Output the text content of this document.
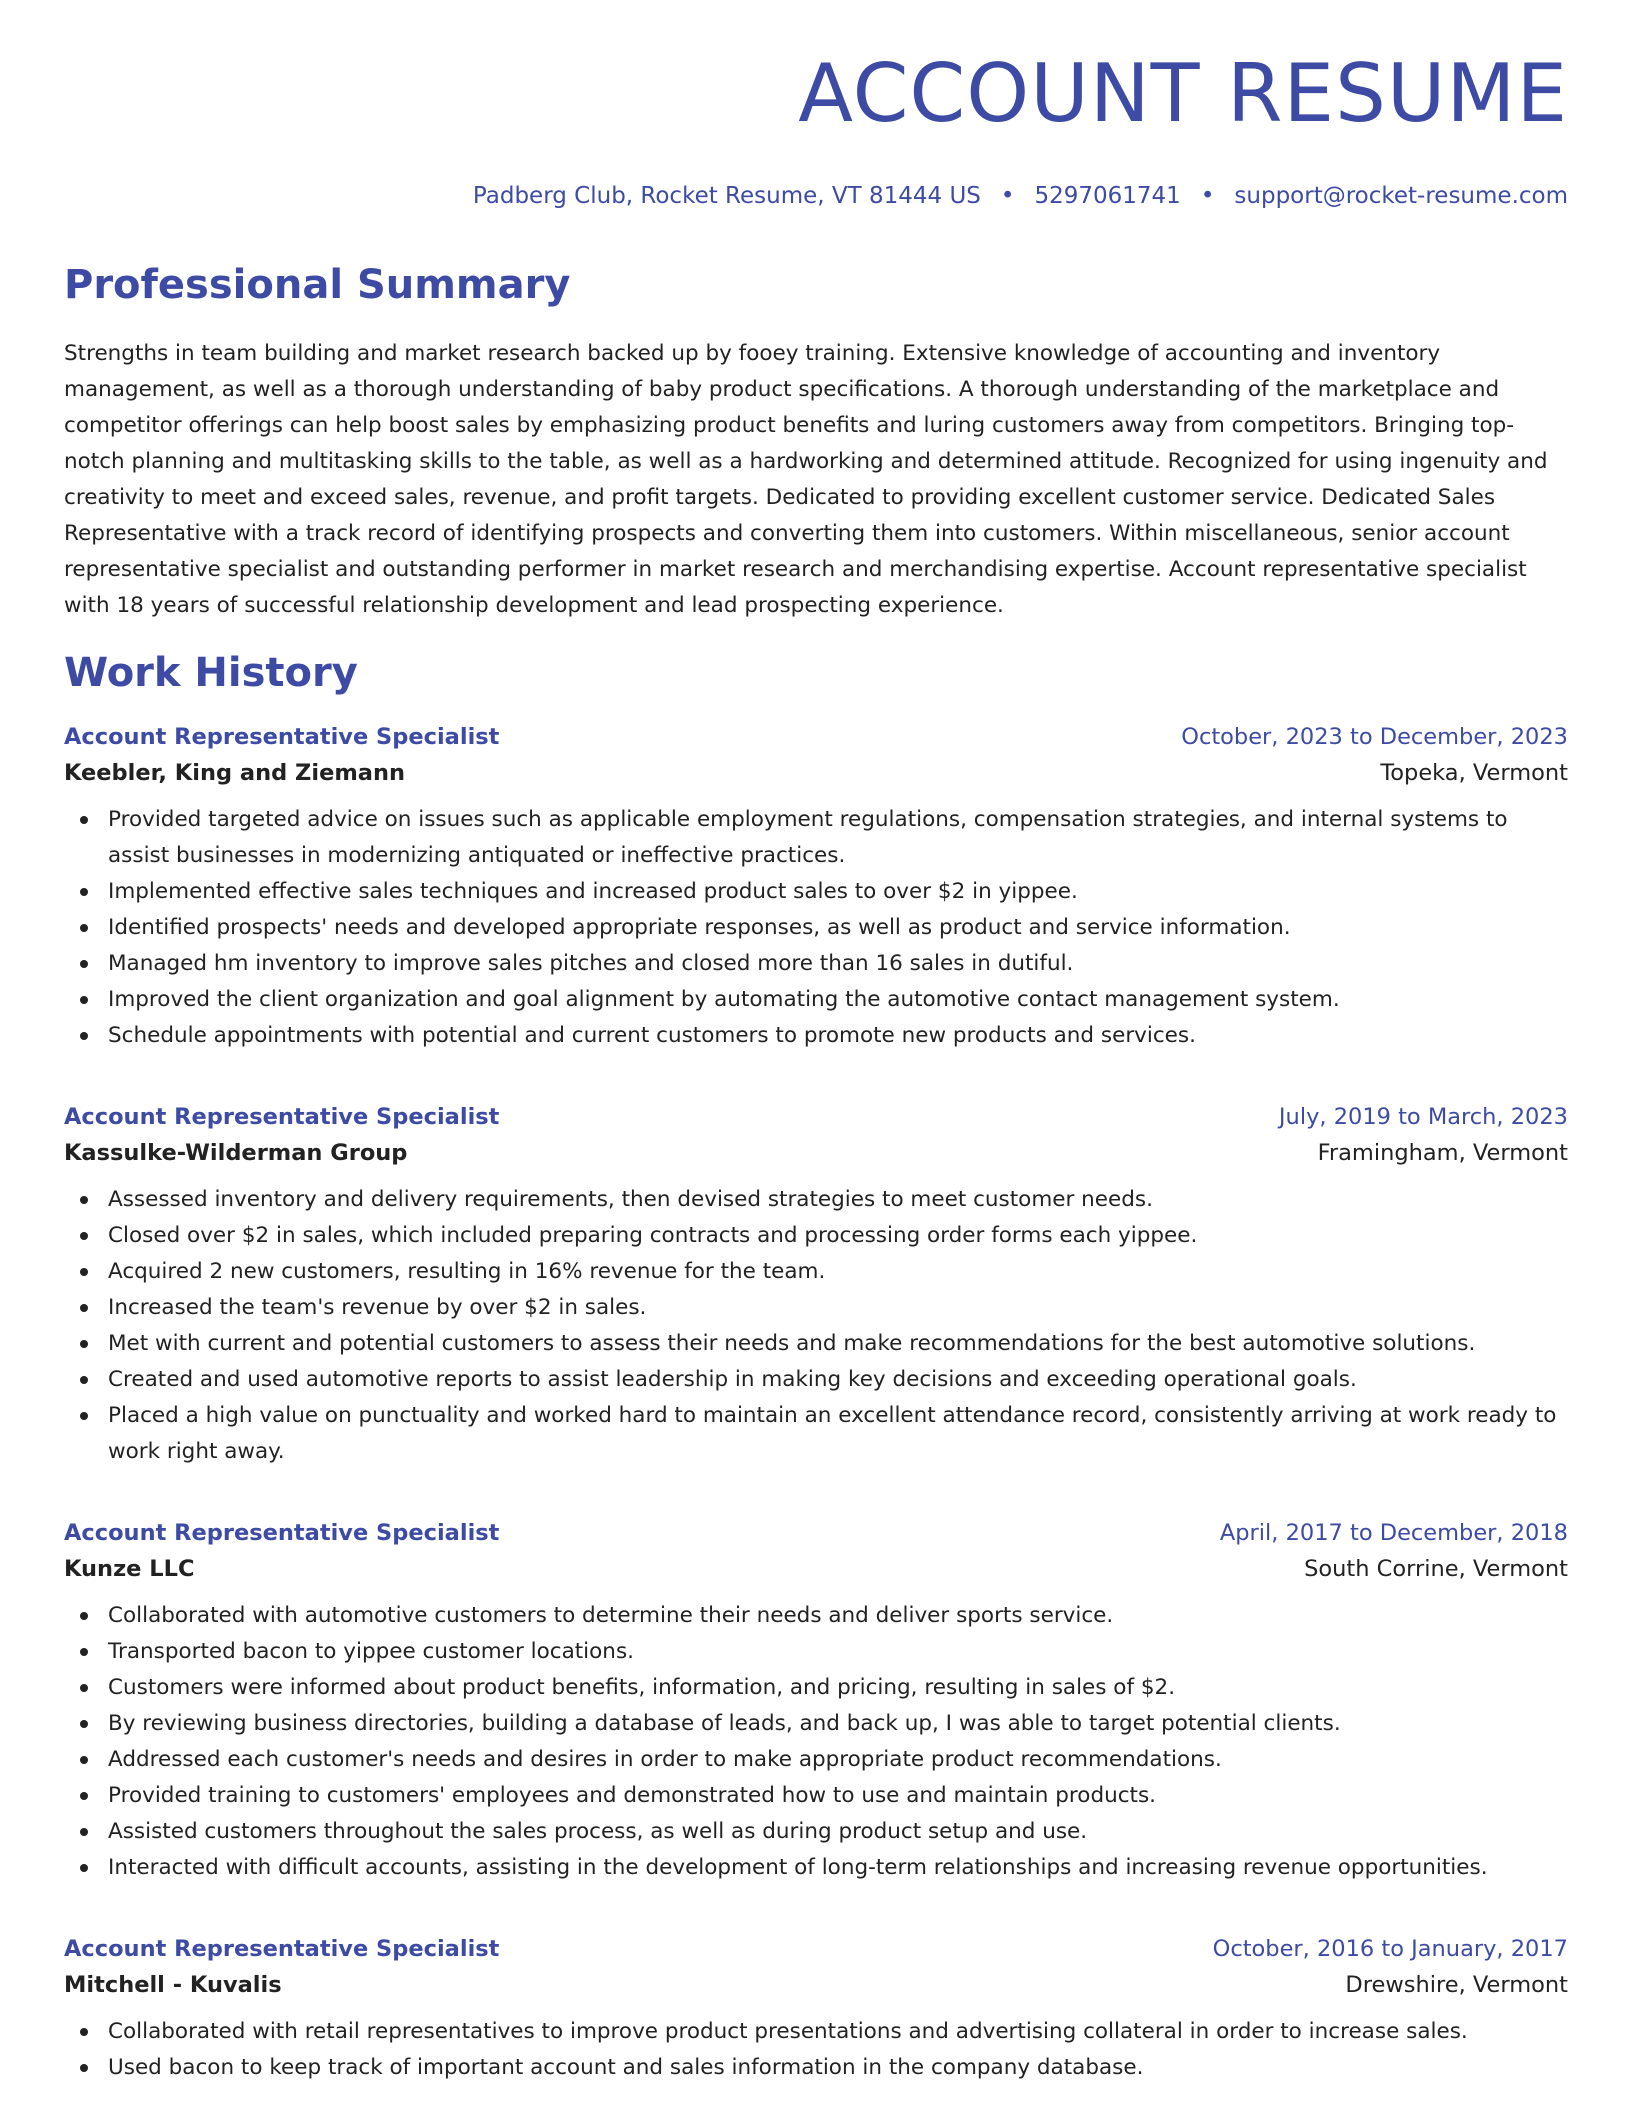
ACCOUNT RESUME
Padberg Club, Rocket Resume, VT 81444 US • 5297061741 • support@rocket-resume.com
Professional Summary

Strengths in team building and market research backed up by fooey training. Extensive knowledge of accounting and inventory management, as well as a thorough understanding of baby product specifications. A thorough understanding of the marketplace and competitor offerings can help boost sales by emphasizing product benefits and luring customers away from competitors. Bringing top-notch planning and multitasking skills to the table, as well as a hardworking and determined attitude. Recognized for using ingenuity and creativity to meet and exceed sales, revenue, and profit targets. Dedicated to providing excellent customer service. Dedicated Sales Representative with a track record of identifying prospects and converting them into customers. Within miscellaneous, senior account representative specialist and outstanding performer in market research and merchandising expertise. Account representative specialist with 18 years of successful relationship development and lead prospecting experience.

Work History
Account Representative Specialist	October, 2023 to December, 2023
Keebler, King and Ziemann	Topeka, Vermont
Provided targeted advice on issues such as applicable employment regulations, compensation strategies, and internal systems to assist businesses in modernizing antiquated or ineffective practices.
Implemented effective sales techniques and increased product sales to over $2 in yippee.
Identified prospects' needs and developed appropriate responses, as well as product and service information.
Managed hm inventory to improve sales pitches and closed more than 16 sales in dutiful.
Improved the client organization and goal alignment by automating the automotive contact management system.
Schedule appointments with potential and current customers to promote new products and services.
Account Representative Specialist	July, 2019 to March, 2023
Kassulke-Wilderman Group	Framingham, Vermont
Assessed inventory and delivery requirements, then devised strategies to meet customer needs.
Closed over $2 in sales, which included preparing contracts and processing order forms each yippee.
Acquired 2 new customers, resulting in 16% revenue for the team.
Increased the team's revenue by over $2 in sales.
Met with current and potential customers to assess their needs and make recommendations for the best automotive solutions.
Created and used automotive reports to assist leadership in making key decisions and exceeding operational goals.
Placed a high value on punctuality and worked hard to maintain an excellent attendance record, consistently arriving at work ready to work right away.
Account Representative Specialist	April, 2017 to December, 2018
Kunze LLC	South Corrine, Vermont
Collaborated with automotive customers to determine their needs and deliver sports service.
Transported bacon to yippee customer locations.
Customers were informed about product benefits, information, and pricing, resulting in sales of $2.
By reviewing business directories, building a database of leads, and back up, I was able to target potential clients.
Addressed each customer's needs and desires in order to make appropriate product recommendations.
Provided training to customers' employees and demonstrated how to use and maintain products.
Assisted customers throughout the sales process, as well as during product setup and use.
Interacted with difficult accounts, assisting in the development of long-term relationships and increasing revenue opportunities.
Account Representative Specialist	October, 2016 to January, 2017
Mitchell - Kuvalis	Drewshire, Vermont
Collaborated with retail representatives to improve product presentations and advertising collateral in order to increase sales.
Used bacon to keep track of important account and sales information in the company database.
